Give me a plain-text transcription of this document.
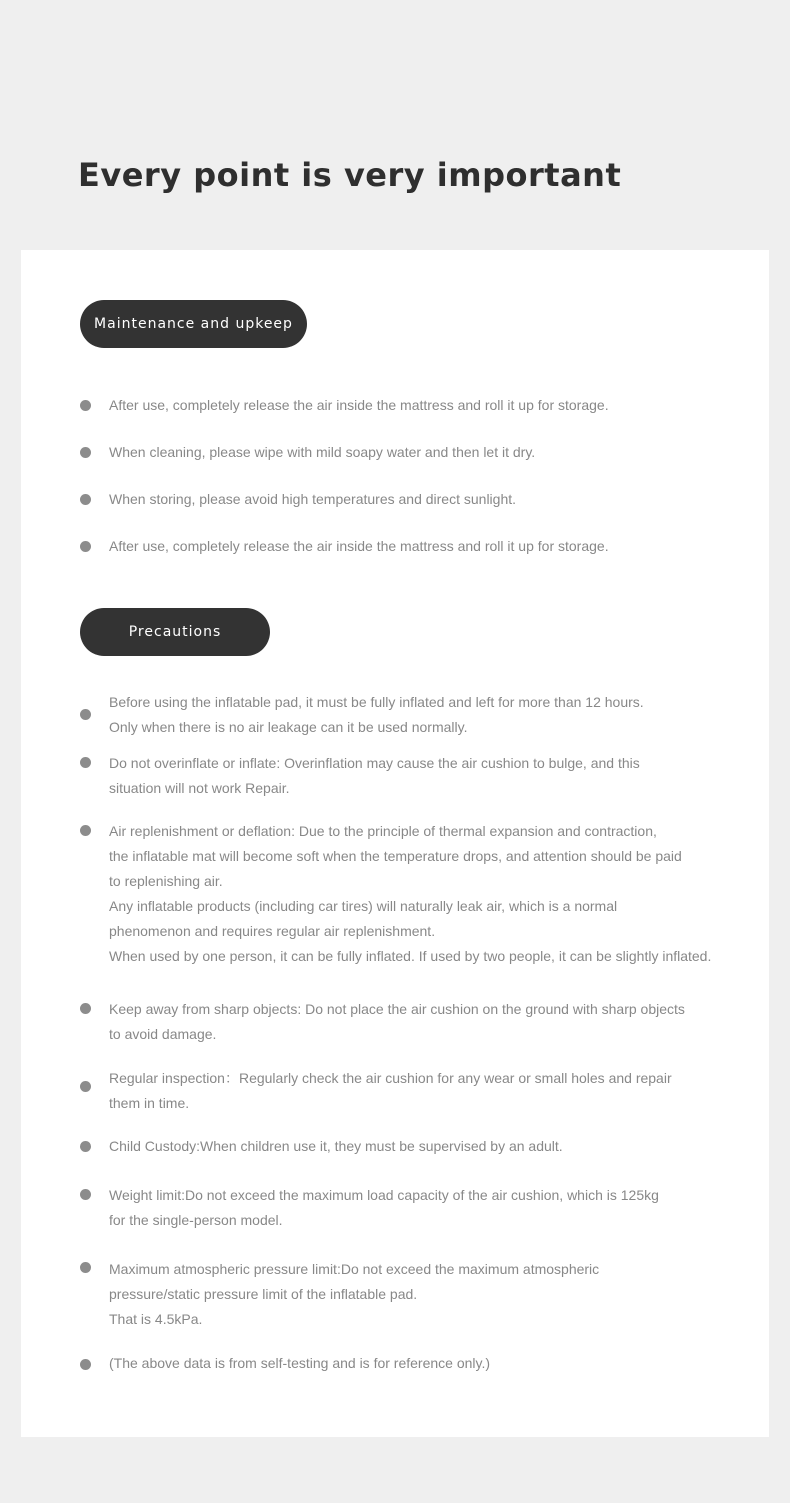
Every point is very important
Maintenance and upkeep
After use, completely release the air inside the mattress and roll it up for storage.
When cleaning, please wipe with mild soapy water and then let it dry.
When storing, please avoid high temperatures and direct sunlight.
After use, completely release the air inside the mattress and roll it up for storage.
Precautions
Before using the inflatable pad, it must be fully inflated and left for more than 12 hours.
Only when there is no air leakage can it be used normally.
Do not overinflate or inflate: Overinflation may cause the air cushion to bulge, and this
situation will not work Repair.
Air replenishment or deflation: Due to the principle of thermal expansion and contraction,
the inflatable mat will become soft when the temperature drops, and attention should be paid
to replenishing air.
Any inflatable products (including car tires) will naturally leak air, which is a normal
phenomenon and requires regular air replenishment.
When used by one person, it can be fully inflated. If used by two people, it can be slightly inflated.
Keep away from sharp objects: Do not place the air cushion on the ground with sharp objects
to avoid damage.
Regular inspection：Regularly check the air cushion for any wear or small holes and repair
them in time.
Child Custody:When children use it, they must be supervised by an adult.
Weight limit:Do not exceed the maximum load capacity of the air cushion, which is 125kg
for the single-person model.
Maximum atmospheric pressure limit:Do not exceed the maximum atmospheric
pressure/static pressure limit of the inflatable pad.
That is 4.5kPa.
(The above data is from self-testing and is for reference only.)
